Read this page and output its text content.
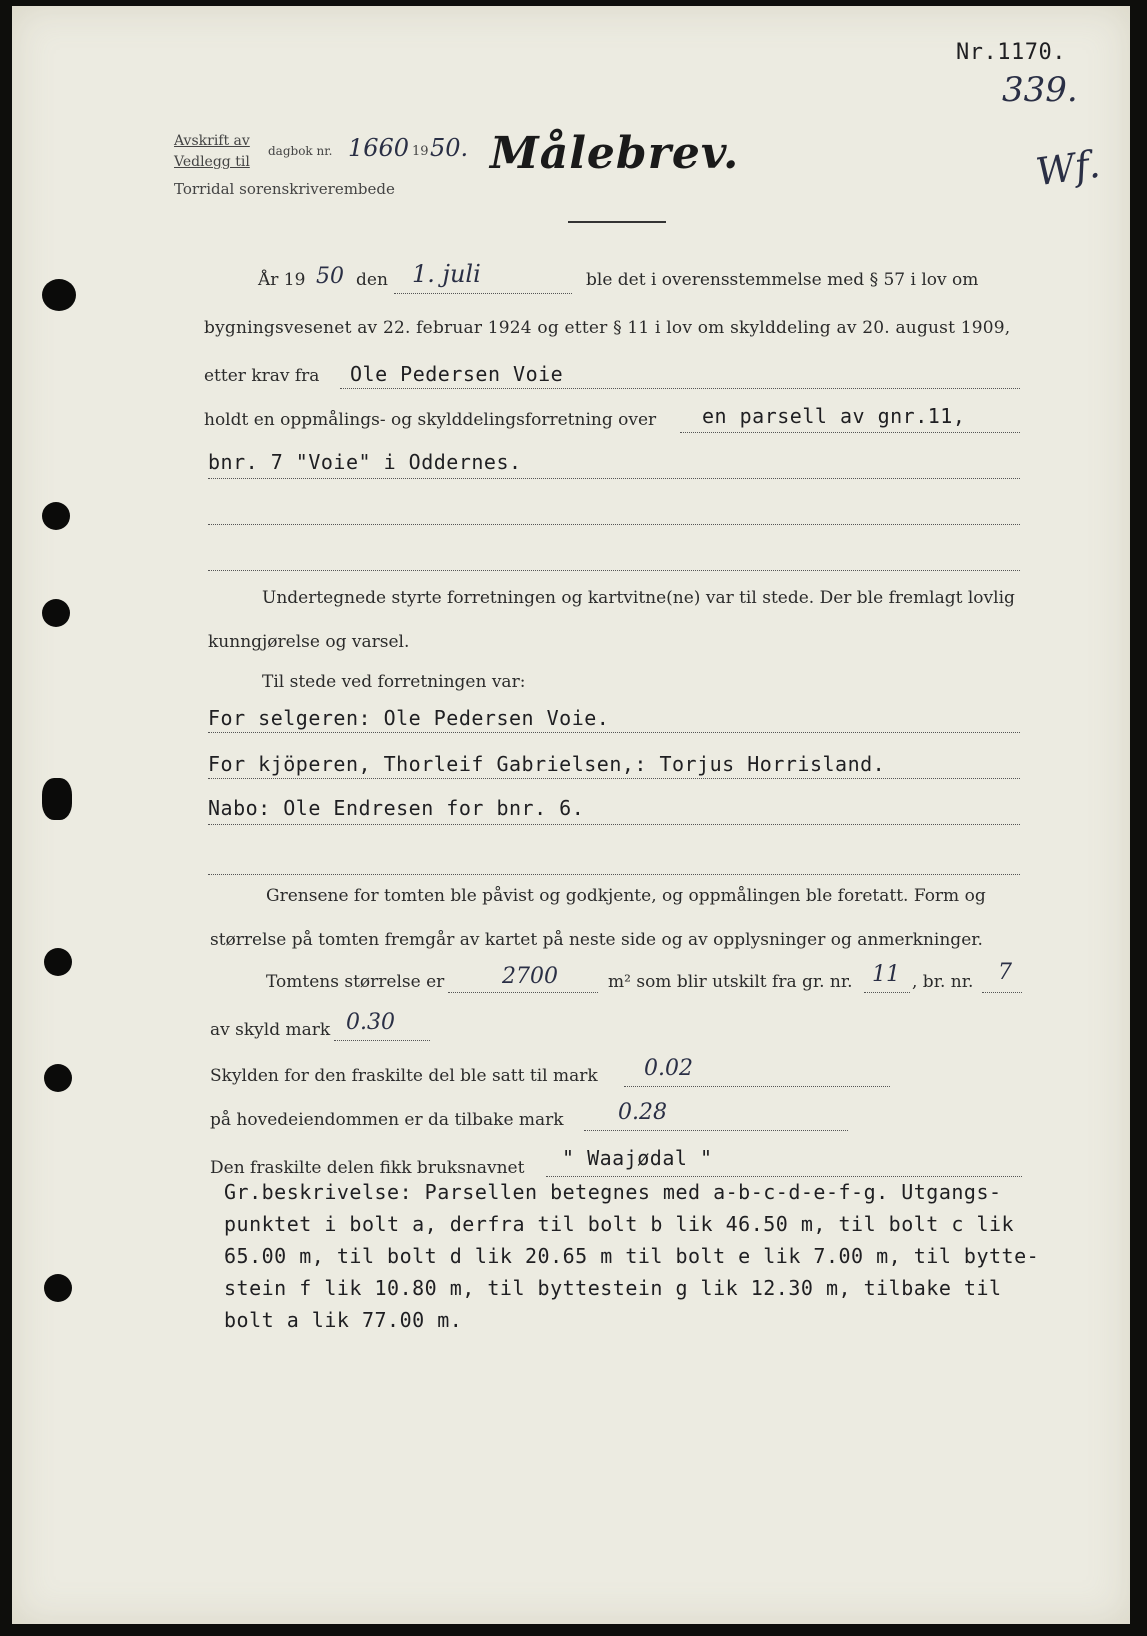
Nr.1170.
339.
Wf.
Avskrift av
Vedlegg til
dagbok nr. 1660 19 50.
Torridal sorenskriverembede
Målebrev.
År 19 50 den 1. juli	ble det i overensstemmelse med § 57 i lov om
bygningsvesenet av 22. februar 1924 og etter § 11 i lov om skylddeling av 20. august 1909,
etter krav fra Ole Pedersen Voie
holdt en oppmålings- og skylddelingsforretning over en parsell av gnr.11,
bnr. 7 "Voie" i Oddernes.
Undertegnede styrte forretningen og kartvitne(ne) var til stede. Der ble fremlagt lovlig
kunngjørelse og varsel.
Til stede ved forretningen var:
For selgeren: Ole Pedersen Voie.
For kjöperen, Thorleif Gabrielsen,: Torjus Horrisland.
Nabo: Ole Endresen for bnr. 6.
Grensene for tomten ble påvist og godkjente, og oppmålingen ble foretatt. Form og
størrelse på tomten fremgår av kartet på neste side og av opplysninger og anmerkninger.
Tomtens størrelse er	2700	m² som blir utskilt fra gr. nr. 11 , br. nr. 7
av skyld mark 0.30
Skylden for den fraskilte del ble satt til mark 0.02
på hovedeiendommen er da tilbake mark 0.28
Den fraskilte delen fikk bruksnavnet " Waajødal "
Gr.beskrivelse: Parsellen betegnes med a-b-c-d-e-f-g. Utgangs-
punktet i bolt a, derfra til bolt b lik 46.50 m, til bolt c lik
65.00 m, til bolt d lik 20.65 m til bolt e lik 7.00 m, til bytte-
stein f lik 10.80 m, til byttestein g lik 12.30 m, tilbake til
bolt a lik 77.00 m.
